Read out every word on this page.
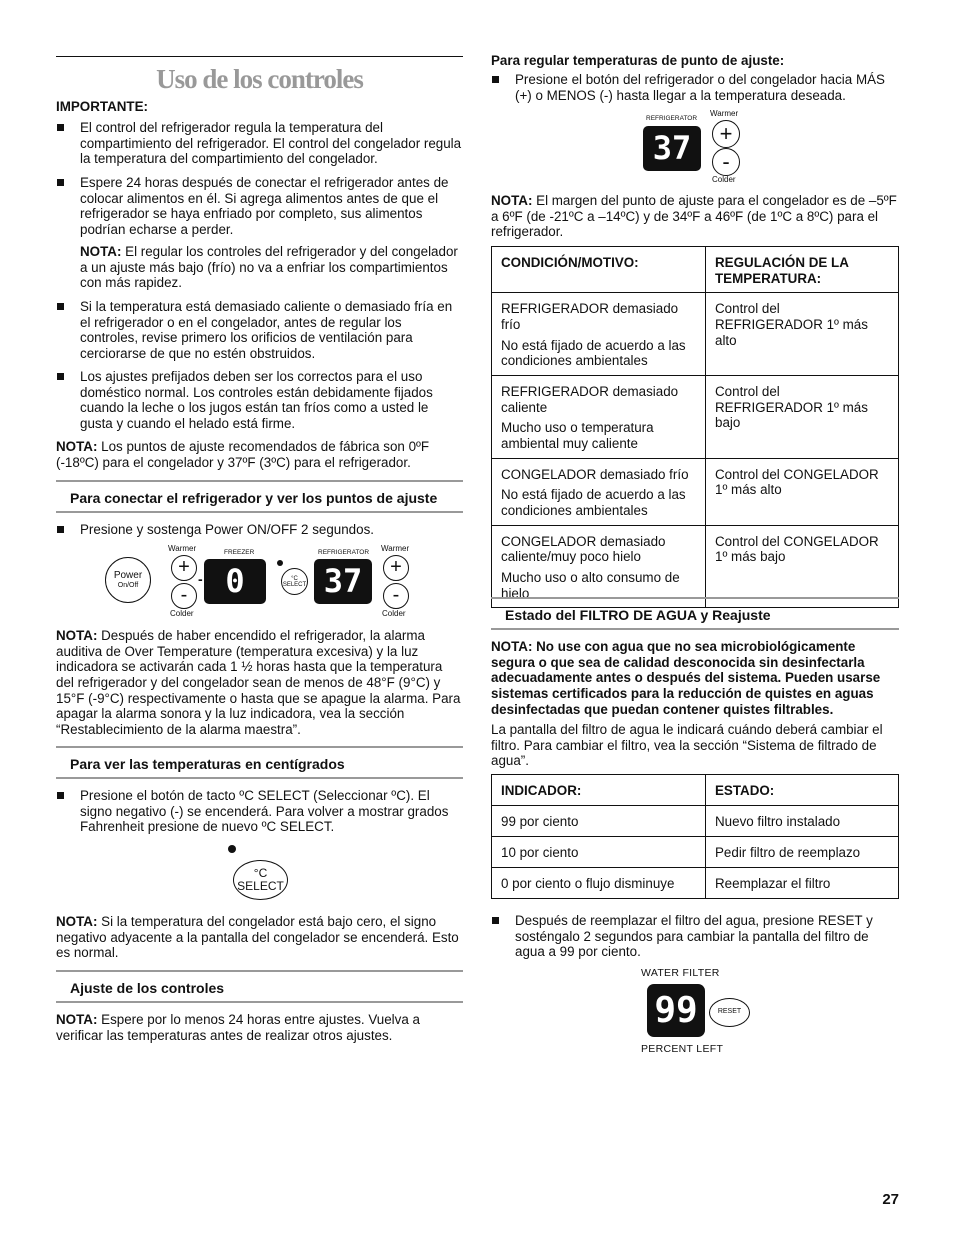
Uso de los controles

IMPORTANTE:

El control del refrigerador regula la temperatura del compartimiento del refrigerador. El control del congelador regula la temperatura del compartimiento del congelador.

Espere 24 horas después de conectar el refrigerador antes de colocar alimentos en él. Si agrega alimentos antes de que el refrigerador se haya enfriado por completo, sus alimentos podrían echarse a perder.

NOTA: El regular los controles del refrigerador y del congelador a un ajuste más bajo (frío) no va a enfriar los compartimientos con más rapidez.

Si la temperatura está demasiado caliente o demasiado fría en el refrigerador o en el congelador, antes de regular los controles, revise primero los orificios de ventilación para cerciorarse de que no estén obstruidos.

Los ajustes prefijados deben ser los correctos para el uso doméstico normal. Los controles están debidamente fijados cuando la leche o los jugos están tan fríos como a usted le gusta y cuando el helado está firme.

NOTA: Los puntos de ajuste recomendados de fábrica son 0ºF (-18ºC) para el congelador y 37ºF (3ºC) para el refrigerador.

Para conectar el refrigerador y ver los puntos de ajuste

Presione y sostenga Power ON/OFF 2 segundos.

Power
On/Off
Warmer
+
-
-
Colder
FREEZER
0	°C
SELECT
REFRIGERATOR
37
Warmer
+
-
Colder

NOTA: Después de haber encendido el refrigerador, la alarma auditiva de Over Temperature (temperatura excesiva) y la luz indicadora se activarán cada 1 ½ horas hasta que la temperatura del refrigerador y del congelador sean de menos de 48°F (9°C) y 15°F (-9°C) respectivamente o hasta que se apague la alarma. Para apagar la alarma sonora y la luz indicadora, vea la sección “Restablecimiento de la alarma maestra”.

Para ver las temperaturas en centígrados

Presione el botón de tacto ºC SELECT (Seleccionar ºC). El signo negativo (-) se encenderá. Para volver a mostrar grados Fahrenheit presione de nuevo ºC SELECT.

°C
SELECT

NOTA: Si la temperatura del congelador está bajo cero, el signo negativo adyacente a la pantalla del congelador se encenderá. Esto es normal.

Ajuste de los controles

NOTA: Espere por lo menos 24 horas entre ajustes. Vuelva a verificar las temperaturas antes de realizar otros ajustes.

Para regular temperaturas de punto de ajuste:

Presione el botón del refrigerador o del congelador hacia MÁS (+) o MENOS (-) hasta llegar a la temperatura deseada.

REFRIGERATOR
37
Warmer
+
-
Colder

NOTA: El margen del punto de ajuste para el congelador es de –5ºF a 6ºF (de -21ºC a –14ºC) y de 34ºF a 46ºF (de 1ºC a 8ºC) para el refrigerador.

CONDICIÓN/MOTIVO:	REGULACIÓN DE LA TEMPERATURA:

REFRIGERADOR demasiado frío

No está fijado de acuerdo a las condiciones ambientales	Control del REFRIGERADOR 1º más alto

REFRIGERADOR demasiado caliente

Mucho uso o temperatura ambiental muy caliente	Control del REFRIGERADOR 1º más bajo

CONGELADOR demasiado frío

No está fijado de acuerdo a las condiciones ambientales	Control del CONGELADOR 1º más alto

CONGELADOR demasiado caliente/muy poco hielo

Mucho uso o alto consumo de hielo	Control del CONGELADOR 1º más bajo
Estado del FILTRO DE AGUA y Reajuste

NOTA: No use con agua que no sea microbiológicamente segura o que sea de calidad desconocida sin desinfectarla adecuadamente antes o después del sistema. Pueden usarse sistemas certificados para la reducción de quistes en aguas desinfectadas que puedan contener quistes filtrables.

La pantalla del filtro de agua le indicará cuándo deberá cambiar el filtro. Para cambiar el filtro, vea la sección “Sistema de filtrado de agua”.

INDICADOR:	ESTADO:
99 por ciento	Nuevo filtro instalado
10 por ciento	Pedir filtro de reemplazo
0 por ciento o flujo disminuye	Reemplazar el filtro

Después de reemplazar el filtro del agua, presione RESET y sosténgalo 2 segundos para cambiar la pantalla del filtro de agua a 99 por ciento.

WATER FILTER
99	RESET
PERCENT LEFT
27
